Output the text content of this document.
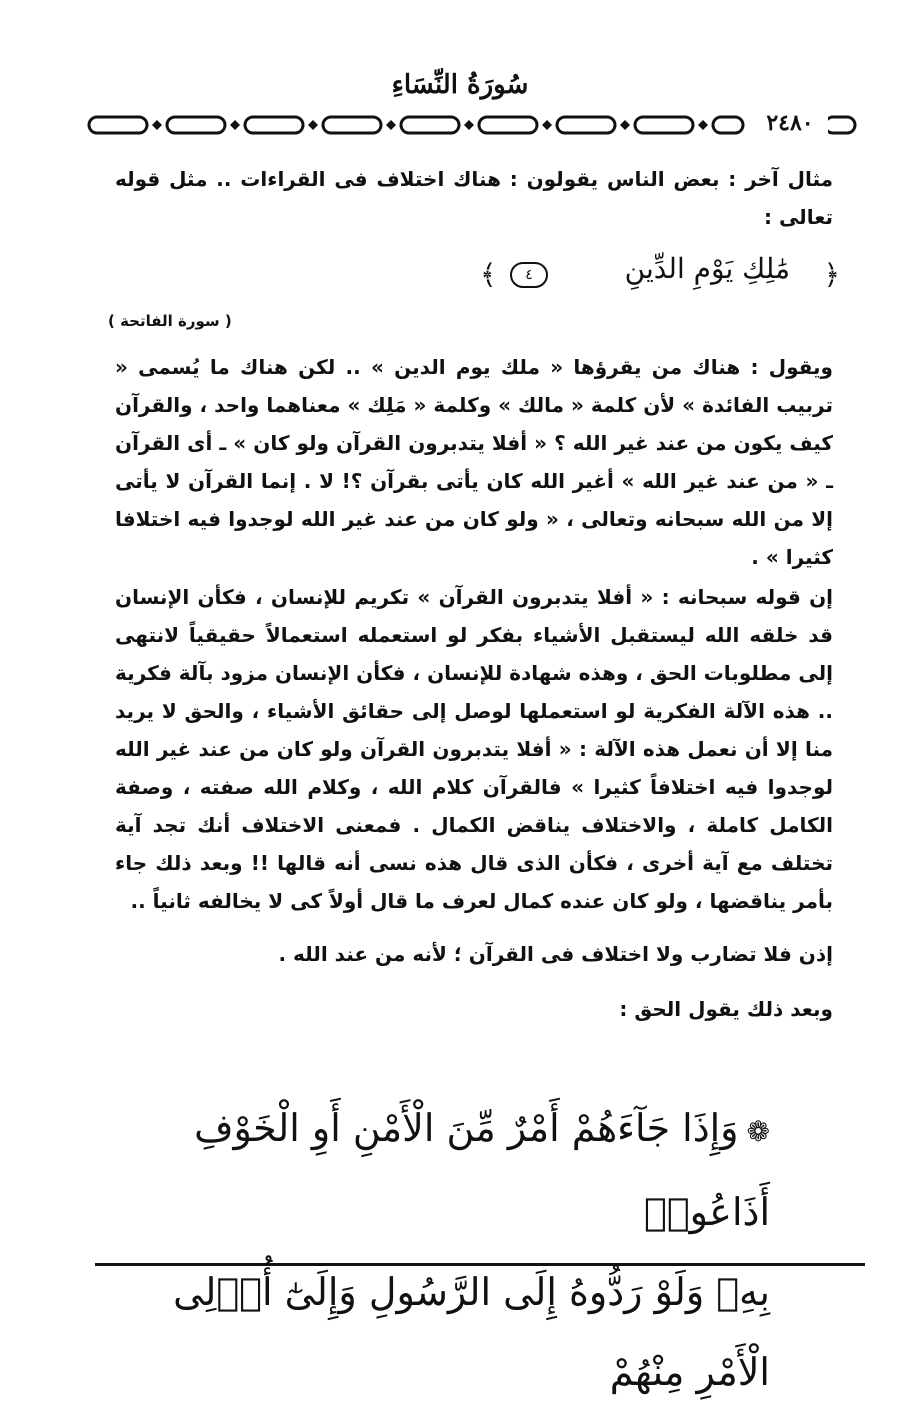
سُورَةُ النِّسَاءِ
٢٤٨٠

مثال آخر : بعض الناس يقولون : هناك اختلاف فى القراءات .. مثل قوله تعالى :

﴿
مَٰلِكِ يَوْمِ الدِّينِ
٤
﴾
( سورة الفاتحة )

ويقول : هناك من يقرؤها « ملك يوم الدين » .. لكن هناك ما يُسمى « تربيب الفائدة » لأن كلمة « مالك » وكلمة « مَلِك » معناهما واحد ، والقرآن كيف يكون من عند غير الله ؟ « أفلا يتدبرون القرآن ولو كان » ـ أى القرآن ـ « من عند غير الله » أغير الله كان يأتى بقرآن ؟! لا . إنما القرآن لا يأتى إلا من الله سبحانه وتعالى ، « ولو كان من عند غير الله لوجدوا فيه اختلافا كثيرا » .

إن قوله سبحانه : « أفلا يتدبرون القرآن » تكريم للإنسان ، فكأن الإنسان قد خلقه الله ليستقبل الأشياء بفكر لو استعمله استعمالاً حقيقياً لانتهى إلى مطلوبات الحق ، وهذه شهادة للإنسان ، فكأن الإنسان مزود بآلة فكرية .. هذه الآلة الفكرية لو استعملها لوصل إلى حقائق الأشياء ، والحق لا يريد منا إلا أن نعمل هذه الآلة : « أفلا يتدبرون القرآن ولو كان من عند غير الله لوجدوا فيه اختلافاً كثيرا » فالقرآن كلام الله ، وكلام الله صفته ، وصفة الكامل كاملة ، والاختلاف يناقض الكمال . فمعنى الاختلاف أنك تجد آية تختلف مع آية أخرى ، فكأن الذى قال هذه نسى أنه قالها !! وبعد ذلك جاء بأمر يناقضها ، ولو كان عنده كمال لعرف ما قال أولاً كى لا يخالفه ثانياً ..

إذن فلا تضارب ولا اختلاف فى القرآن ؛ لأنه من عند الله .

وبعد ذلك يقول الحق :

❁وَإِذَا جَآءَهُمْ أَمْرٌ مِّنَ الْأَمْنِ أَوِ الْخَوْفِ أَذَاعُوا۟
بِهِۦ وَلَوْ رَدُّوهُ إِلَى الرَّسُولِ وَإِلَىٰٓ أُو۟لِى الْأَمْرِ مِنْهُمْ
